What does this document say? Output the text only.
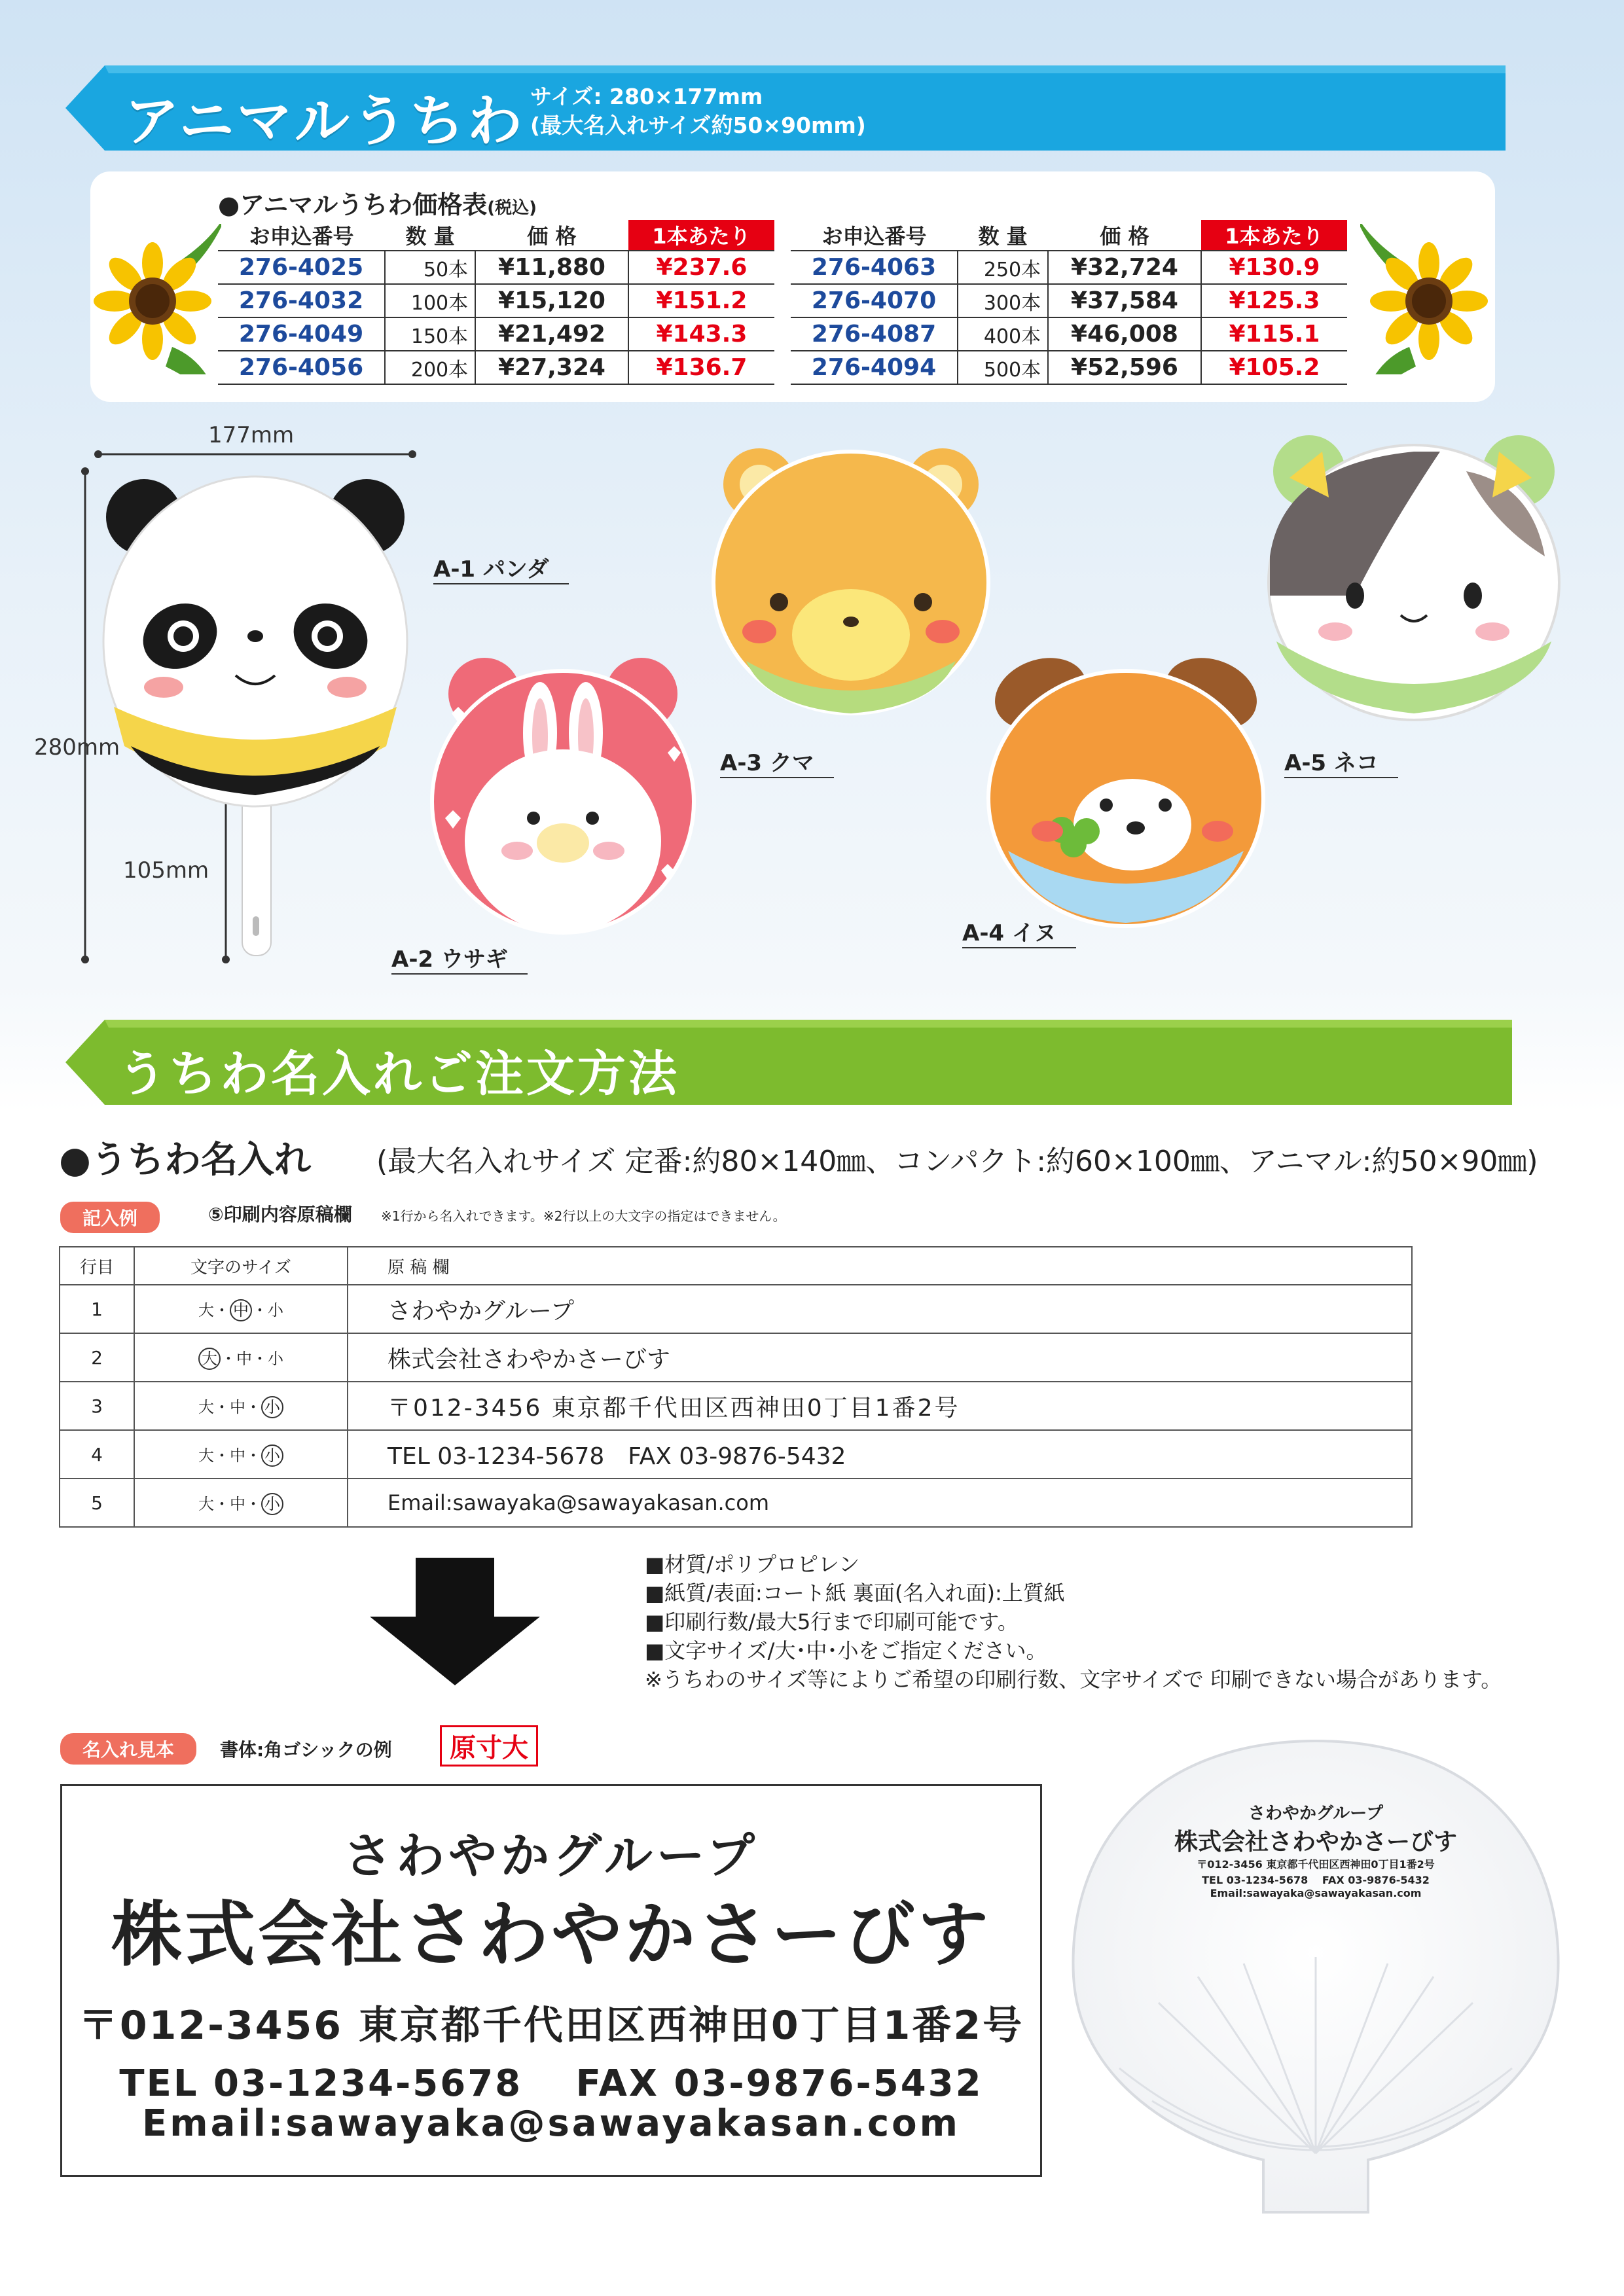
アニマルうちわ サイズ: 280×177mm
(最大名入れサイズ約50×90mm)
●アニマルうちわ価格表(税込)
お申込番号	数 量	価 格	1本あたり
276-4025	50本	¥11,880	¥237.6
276-4032	100本	¥15,120	¥151.2
276-4049	150本	¥21,492	¥143.3
276-4056	200本	¥27,324	¥136.7
お申込番号	数 量	価 格	1本あたり
276-4063	250本	¥32,724	¥130.9
276-4070	300本	¥37,584	¥125.3
276-4087	400本	¥46,008	¥115.1
276-4094	500本	¥52,596	¥105.2
177mm
280mm
105mm
A-1 パンダ
A-2 ウサギ
A-3 クマ
A-4 イヌ
A-5 ネコ
うちわ名入れご注文方法
●うちわ名入れ (最大名入れサイズ 定番:約80×140㎜、コンパクト:約60×100㎜、アニマル:約50×90㎜)
記入例	⑤印刷内容原稿欄 ※1行から名入れできます。※2行以上の大文字の指定はできません。
行目	文字のサイズ	原 稿 欄
1	大・ 中 ・小	さわやかグループ
2	大 ・中・小	株式会社さわやかさーびす
3	大・中・ 小	〒012-3456 東京都千代田区西神田0丁目1番2号
4	大・中・ 小	TEL 03-1234-5678　FAX 03-9876-5432
5	大・中・ 小	Email:sawayaka@sawayakasan.com
■材質/ポリプロピレン
■紙質/表面:コート紙 裏面(名入れ面):上質紙
■印刷行数/最大5行まで印刷可能です。
■文字サイズ/大･中･小をご指定ください。
※うちわのサイズ等によりご希望の印刷行数、文字サイズで 印刷できない場合があります。
名入れ見本	書体:角ゴシックの例	原寸大
さわやかグループ
株式会社さわやかさーびす
〒012-3456 東京都千代田区西神田0丁目1番2号
TEL 03-1234-5678　 FAX 03-9876-5432
Email:sawayaka@sawayakasan.com
さわやかグループ
株式会社さわやかさーびす
〒012-3456 東京都千代田区西神田0丁目1番2号
TEL 03-1234-5678　 FAX 03-9876-5432
Email:sawayaka@sawayakasan.com
